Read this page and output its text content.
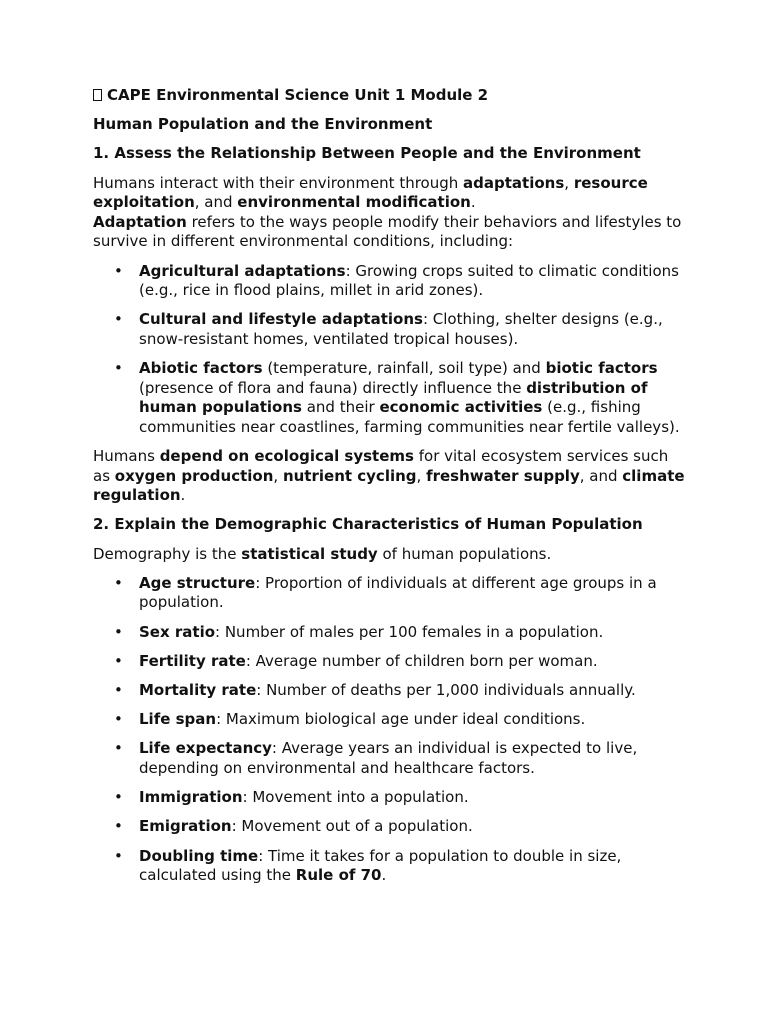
CAPE Environmental Science Unit 1 Module 2

Human Population and the Environment

1. Assess the Relationship Between People and the Environment

Humans interact with their environment through adaptations, resource exploitation, and environmental modification.
Adaptation refers to the ways people modify their behaviors and lifestyles to survive in different environmental conditions, including:

• Agricultural adaptations: Growing crops suited to climatic conditions (e.g., rice in flood plains, millet in arid zones).
• Cultural and lifestyle adaptations: Clothing, shelter designs (e.g., snow-resistant homes, ventilated tropical houses).
• Abiotic factors (temperature, rainfall, soil type) and biotic factors (presence of flora and fauna) directly influence the distribution of human populations and their economic activities (e.g., fishing communities near coastlines, farming communities near fertile valleys).

Humans depend on ecological systems for vital ecosystem services such as oxygen production, nutrient cycling, freshwater supply, and climate regulation.

2. Explain the Demographic Characteristics of Human Population

Demography is the statistical study of human populations.

• Age structure: Proportion of individuals at different age groups in a population.
• Sex ratio: Number of males per 100 females in a population.
• Fertility rate: Average number of children born per woman.
• Mortality rate: Number of deaths per 1,000 individuals annually.
• Life span: Maximum biological age under ideal conditions.
• Life expectancy: Average years an individual is expected to live, depending on environmental and healthcare factors.
• Immigration: Movement into a population.
• Emigration: Movement out of a population.
• Doubling time: Time it takes for a population to double in size, calculated using the Rule of 70.
